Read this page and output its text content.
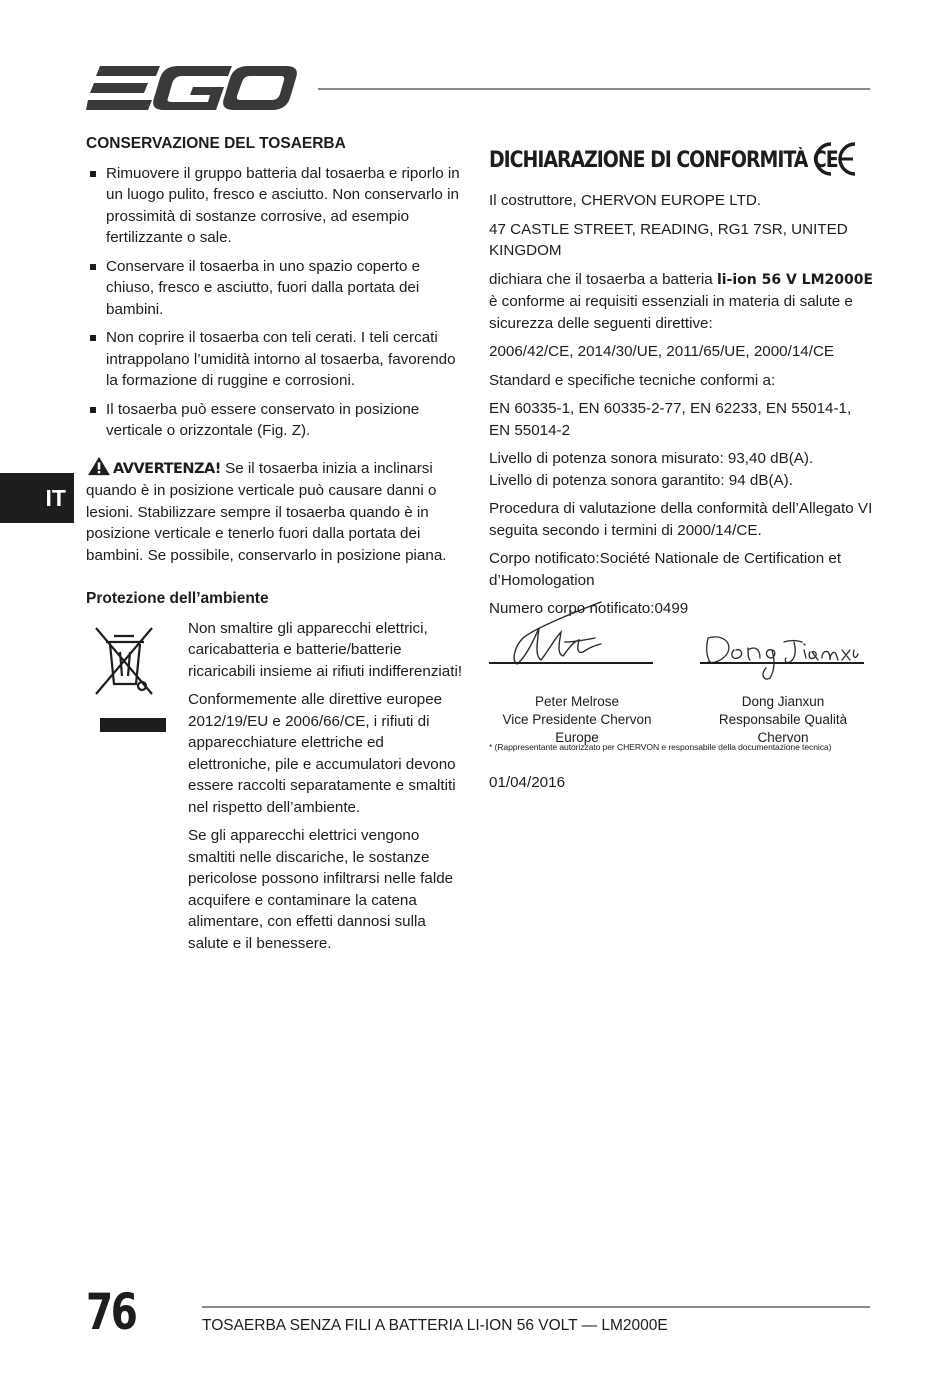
IT
CONSERVAZIONE DEL TOSAERBA
Rimuovere il gruppo batteria dal tosaerba e riporlo in un luogo pulito, fresco e asciutto. Non conservarlo in prossimità di sostanze corrosive, ad esempio fertilizzante o sale.
Conservare il tosaerba in uno spazio coperto e chiuso, fresco e asciutto, fuori dalla portata dei bambini.
Non coprire il tosaerba con teli cerati. I teli cercati intrappolano l’umidità intorno al tosaerba, favorendo la formazione di ruggine e corrosioni.
Il tosaerba può essere conservato in posizione verticale o orizzontale (Fig. Z).
AVVERTENZA! Se il tosaerba inizia a inclinarsi quando è in posizione verticale può causare danni o lesioni. Stabilizzare sempre il tosaerba quando è in posizione verticale e tenerlo fuori dalla portata dei bambini. Se possibile, conservarlo in posizione piana.
Protezione dell’ambiente

Non smaltire gli apparecchi elettrici, caricabatteria e batterie/batterie ricaricabili insieme ai rifiuti indifferenziati!

Conformemente alle direttive europee 2012/19/EU e 2006/66/CE, i rifiuti di apparecchiature elettriche ed elettroniche, pile e accumulatori devono essere raccolti separatamente e smaltiti nel rispetto dell’ambiente.

Se gli apparecchi elettrici vengono smaltiti nelle discariche, le sostanze pericolose possono infiltrarsi nelle falde acquifere e contaminare la catena alimentare, con effetti dannosi sulla salute e il benessere.

DICHIARAZIONE DI CONFORMITÀ CE

Il costruttore, CHERVON EUROPE LTD.

47 CASTLE STREET, READING, RG1 7SR, UNITED KINGDOM

dichiara che il tosaerba a batteria li-ion 56 V LM2000E è conforme ai requisiti essenziali in materia di salute e sicurezza delle seguenti direttive:

2006/42/CE, 2014/30/UE, 2011/65/UE, 2000/14/CE

Standard e specifiche tecniche conformi a:

EN 60335-1, EN 60335-2-77, EN 62233, EN 55014-1, EN 55014-2

Livello di potenza sonora misurato: 93,40 dB(A).
Livello di potenza sonora garantito: 94 dB(A).

Procedura di valutazione della conformità dell’Allegato VI seguita secondo i termini di 2000/14/CE.

Corpo notificato:Société Nationale de Certification et d’Homologation

Numero corpo notificato:0499

Peter Melrose
Vice Presidente Chervon Europe
Dong Jianxun
Responsabile Qualità Chervon
* (Rappresentante autorizzato per CHERVON e responsabile della documentazione tecnica)
01/04/2016
76	TOSAERBA SENZA FILI A BATTERIA LI-ION 56 VOLT — LM2000E
